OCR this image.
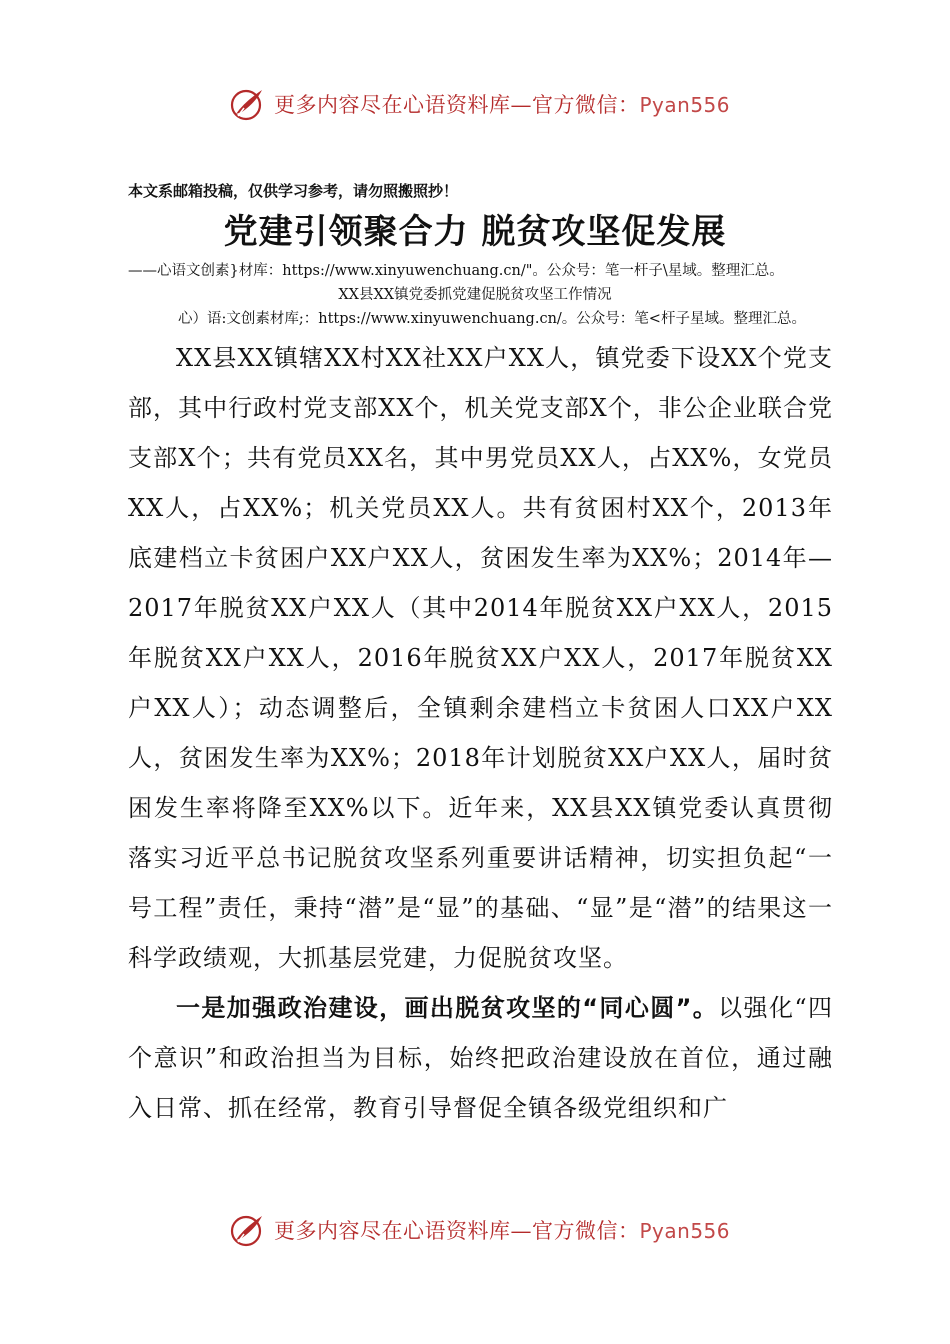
更多内容尽在心语资料库—官方微信：Pyan556
本文系邮箱投稿，仅供学习参考，请勿照搬照抄！
党建引领聚合力 脱贫攻坚促发展
——心语文创素}材库：https://www.xinyuwenchuang.cn/"。公众号：笔一杆子\星域。整理汇总。
XX县XX镇党委抓党建促脱贫攻坚工作情况
心）语:文创素材库;：https://www.xinyuwenchuang.cn/。公众号：笔<杆子星域。整理汇总。

XX县XX镇辖XX村XX社XX户XX人，镇党委下设XX个党支部，其中行政村党支部XX个，机关党支部X个，非公企业联合党支部X个；共有党员XX名，其中男党员XX人，占XX%，女党员XX人，占XX%；机关党员XX人。共有贫困村XX个，2013年底建档立卡贫困户XX户XX人，贫困发生率为XX%；2014年—2017年脱贫XX户XX人（其中2014年脱贫XX户XX人，2015年脱贫XX户XX人，2016年脱贫XX户XX人，2017年脱贫XX户XX人）；动态调整后，全镇剩余建档立卡贫困人口XX户XX人，贫困发生率为XX%；2018年计划脱贫XX户XX人，届时贫困发生率将降至XX%以下。近年来，XX县XX镇党委认真贯彻落实习近平总书记脱贫攻坚系列重要讲话精神，切实担负起“一号工程”责任，秉持“潜”是“显”的基础、“显”是“潜”的结果这一科学政绩观，大抓基层党建，力促脱贫攻坚。

一是加强政治建设，画出脱贫攻坚的“同心圆”。以强化“四个意识”和政治担当为目标，始终把政治建设放在首位，通过融入日常、抓在经常，教育引导督促全镇各级党组织和广

更多内容尽在心语资料库—官方微信：Pyan556
